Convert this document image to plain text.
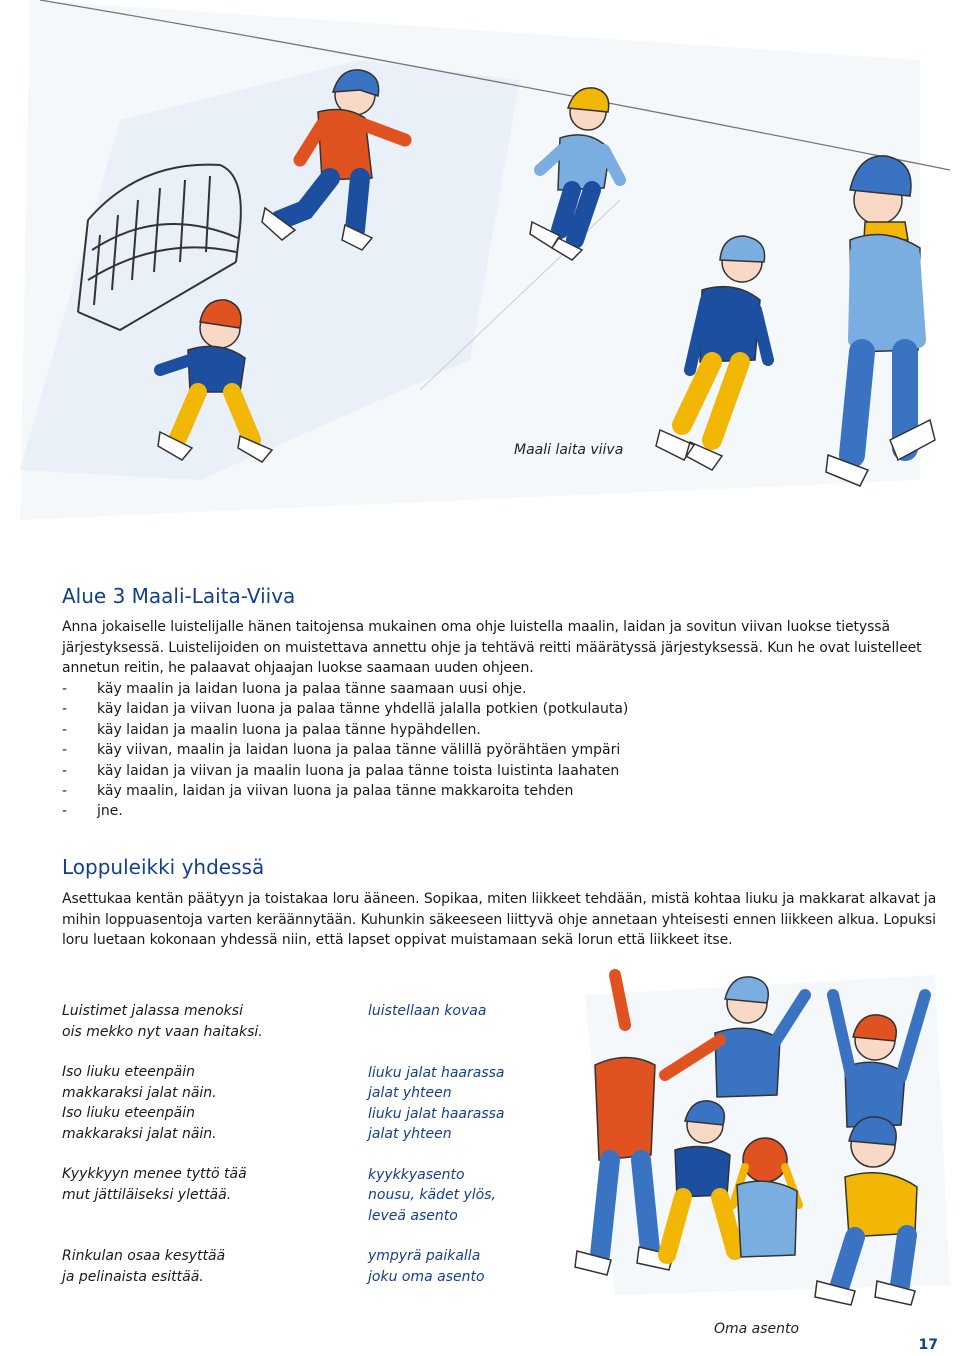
Maali laita viiva
Alue 3 Maali-Laita-Viiva

Anna jokaiselle luistelijalle hänen taitojensa mukainen oma ohje luistella maalin, laidan ja sovitun viivan luokse tietyssä järjestyksessä. Luistelijoiden on muistettava annettu ohje ja tehtävä reitti määrätyssä järjestyksessä. Kun he ovat luistelleet annetun reitin, he palaavat ohjaajan luokse saamaan uuden ohjeen.

- käy maalin ja laidan luona ja palaa tänne saamaan uusi ohje.
- käy laidan ja viivan luona ja palaa tänne yhdellä jalalla potkien (potkulauta)
- käy laidan ja maalin luona ja palaa tänne hypähdellen.
- käy viivan, maalin ja laidan luona ja palaa tänne välillä pyörähtäen ympäri
- käy laidan ja viivan ja maalin luona ja palaa tänne toista luistinta laahaten
- käy maalin, laidan ja viivan luona ja palaa tänne makkaroita tehden
- jne.
Loppuleikki yhdessä

Asettukaa kentän päätyyn ja toistakaa loru ääneen. Sopikaa, miten liikkeet tehdään, mistä kohtaa liuku ja makkarat alkavat ja mihin loppuasentoja varten keräännytään. Kuhunkin säkeeseen liittyvä ohje annetaan yhteisesti ennen liikkeen alkua. Lopuksi loru luetaan kokonaan yhdessä niin, että lapset oppivat muistamaan sekä lorun että liikkeet itse.

Luistimet jalassa menoksi
ois mekko nyt vaan haitaksi.

Iso liuku eteenpäin
makkaraksi jalat näin.
Iso liuku eteenpäin
makkaraksi jalat näin.

Kyykkyyn menee tyttö tää
mut jättiläiseksi ylettää.

Rinkulan osaa kesyttää
ja pelinaista esittää.

luistellaan kovaa

liuku jalat haarassa
jalat yhteen
liuku jalat haarassa
jalat yhteen

kyykkyasento
nousu, kädet ylös,
leveä asento

ympyrä paikalla
joku oma asento

Oma asento
17
